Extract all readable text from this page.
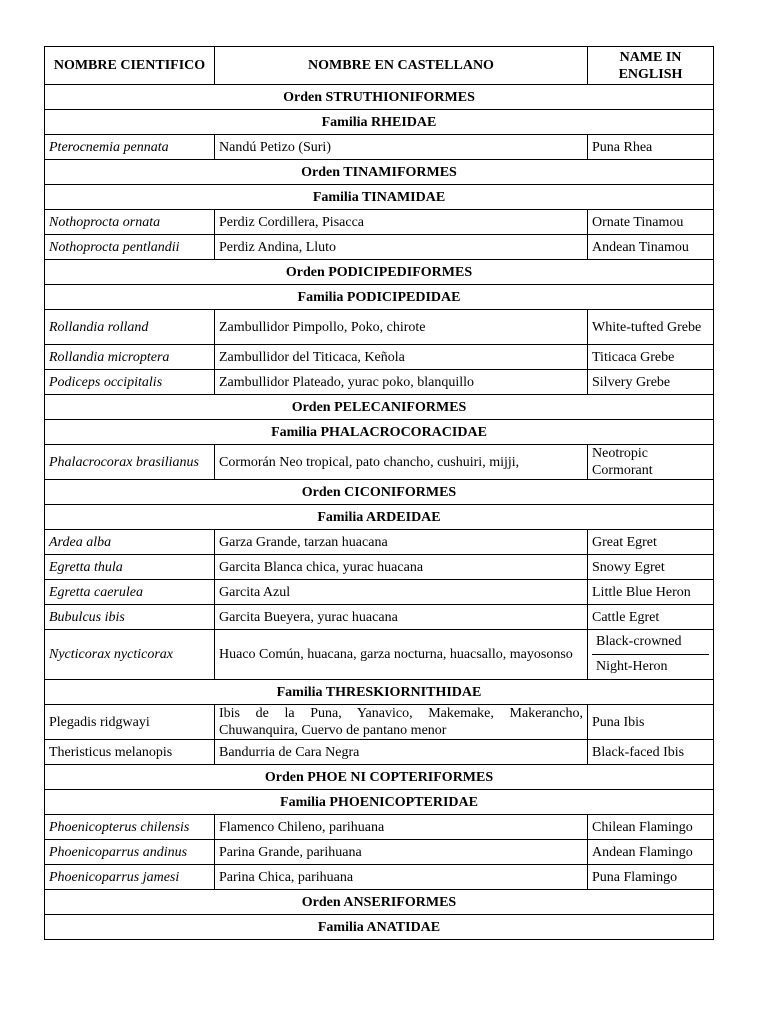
NOMBRE CIENTIFICO	NOMBRE EN CASTELLANO	NAME IN ENGLISH
Orden STRUTHIONIFORMES		
Familia RHEIDAE		
Pterocnemia pennata	Nandú Petizo (Suri)	Puna Rhea
Orden TINAMIFORMES		
Familia TINAMIDAE		
Nothoprocta ornata	Perdiz Cordillera, Pisacca	Ornate Tinamou
Nothoprocta pentlandii	Perdiz Andina, Lluto	Andean Tinamou
Orden PODICIPEDIFORMES		
Familia PODICIPEDIDAE		
Rollandia rolland	Zambullidor Pimpollo, Poko, chirote	White-tufted Grebe
Rollandia microptera	Zambullidor del Titicaca, Keñola	Titicaca Grebe
Podiceps occipitalis	Zambullidor Plateado, yurac poko, blanquillo	Silvery Grebe
Orden PELECANIFORMES		
Familia PHALACROCORACIDAE		
Phalacrocorax brasilianus	Cormorán Neo tropical, pato chancho, cushuiri, mijji,	Neotropic Cormorant
Orden CICONIFORMES		
Familia ARDEIDAE		
Ardea alba	Garza Grande, tarzan huacana	Great Egret
Egretta thula	Garcita Blanca chica, yurac huacana	Snowy Egret
Egretta caerulea	Garcita Azul	Little Blue Heron
Bubulcus ibis	Garcita Bueyera, yurac huacana	Cattle Egret
Nycticorax nycticorax	Huaco Común, huacana, garza nocturna, huacsallo, mayosonso	Black-crowned
Night-Heron

Familia THRESKIORNITHIDAE		
Plegadis ridgwayi	Ibis de la Puna, Yanavico, Makemake, Makerancho, Chuwanquira, Cuervo de pantano menor	Puna Ibis
Theristicus melanopis	Bandurria de Cara Negra	Black-faced Ibis
Orden PHOE NI COPTERIFORMES		
Familia PHOENICOPTERIDAE		
Phoenicopterus chilensis	Flamenco Chileno, parihuana	Chilean Flamingo
Phoenicoparrus andinus	Parina Grande, parihuana	Andean Flamingo
Phoenicoparrus jamesi	Parina Chica, parihuana	Puna Flamingo
Orden ANSERIFORMES		
Familia ANATIDAE		
